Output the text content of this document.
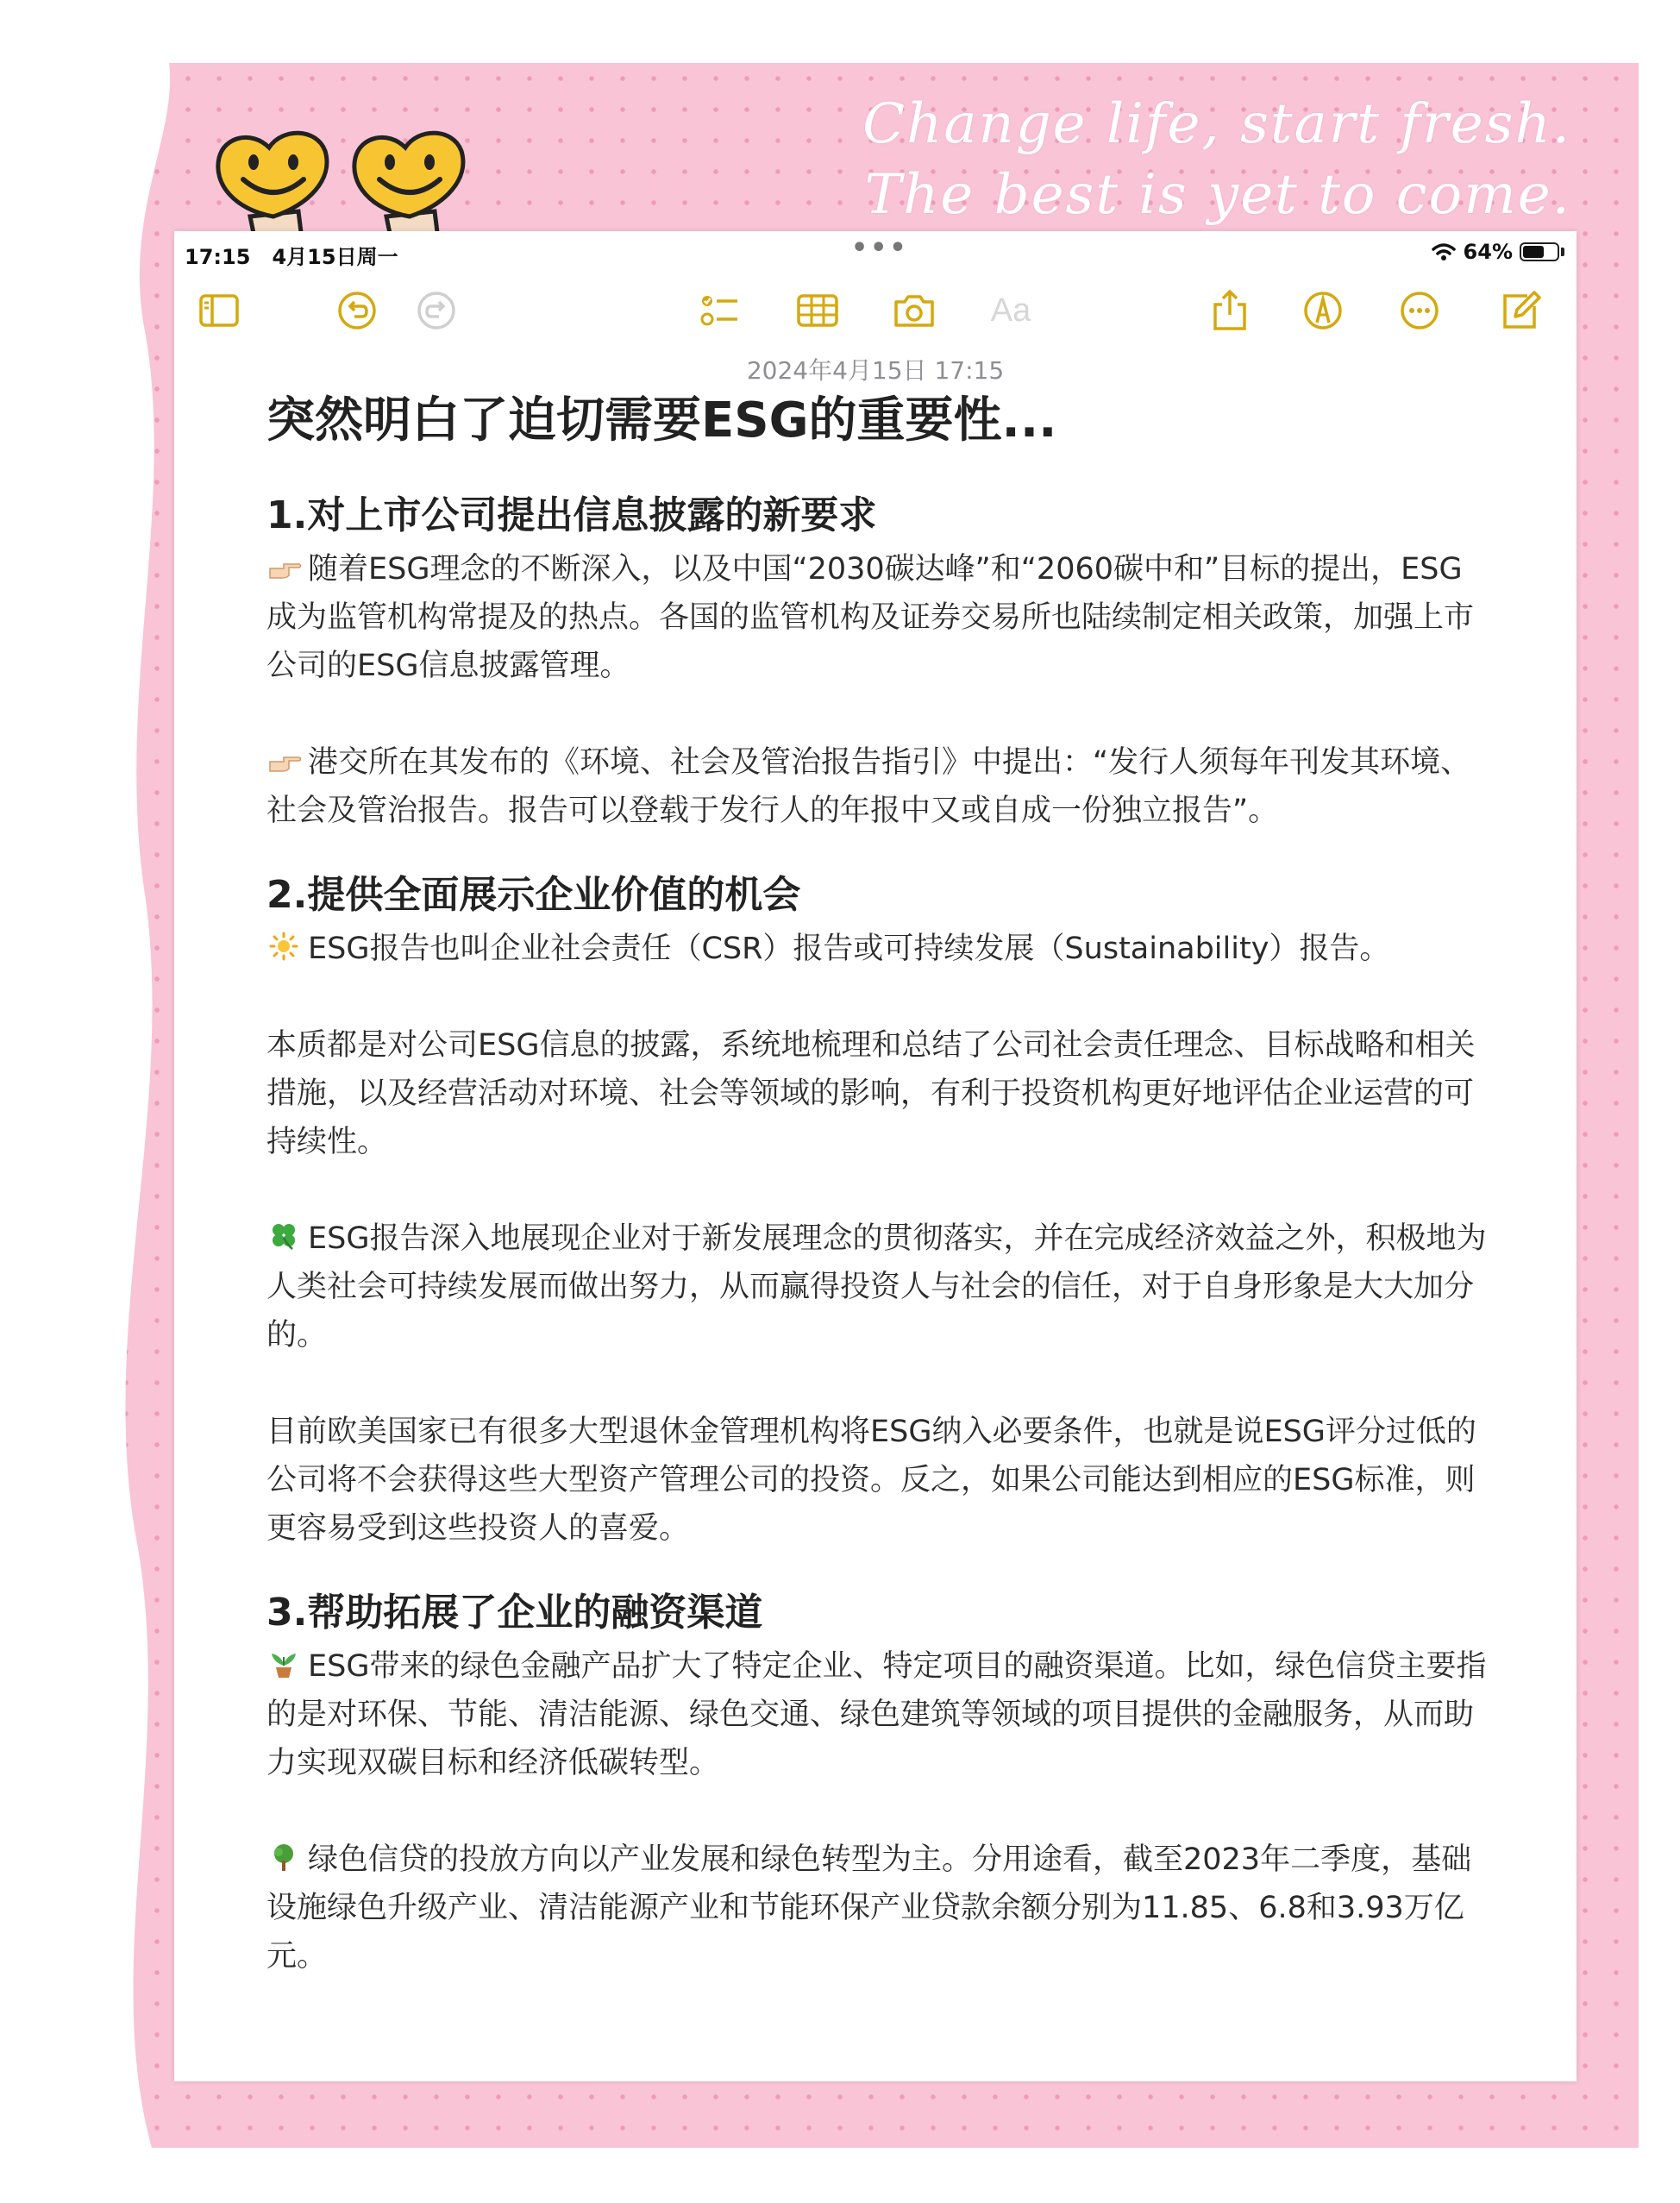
Change life, start fresh.
The best is yet to come.
17:15 4月15日周一	•••	64%
Aa
2024年4月15日 17:15
突然明白了迫切需要ESG的重要性...
1.对上市公司提出信息披露的新要求

随着ESG理念的不断深入，以及中国“2030碳达峰”和“2060碳中和”目标的提出，ESG成为监管机构常提及的热点。各国的监管机构及证券交易所也陆续制定相关政策，加强上市公司的ESG信息披露管理。

港交所在其发布的《环境、社会及管治报告指引》中提出：“发行人须每年刊发其环境、社会及管治报告。报告可以登载于发行人的年报中又或自成一份独立报告”。

2.提供全面展示企业价值的机会

ESG报告也叫企业社会责任（CSR）报告或可持续发展（Sustainability）报告。

本质都是对公司ESG信息的披露，系统地梳理和总结了公司社会责任理念、目标战略和相关措施，以及经营活动对环境、社会等领域的影响，有利于投资机构更好地评估企业运营的可持续性。

ESG报告深入地展现企业对于新发展理念的贯彻落实，并在完成经济效益之外，积极地为人类社会可持续发展而做出努力，从而赢得投资人与社会的信任，对于自身形象是大大加分的。

目前欧美国家已有很多大型退休金管理机构将ESG纳入必要条件，也就是说ESG评分过低的公司将不会获得这些大型资产管理公司的投资。反之，如果公司能达到相应的ESG标准，则更容易受到这些投资人的喜爱。

3.帮助拓展了企业的融资渠道

ESG带来的绿色金融产品扩大了特定企业、特定项目的融资渠道。比如，绿色信贷主要指的是对环保、节能、清洁能源、绿色交通、绿色建筑等领域的项目提供的金融服务，从而助力实现双碳目标和经济低碳转型。

绿色信贷的投放方向以产业发展和绿色转型为主。分用途看，截至2023年二季度，基础设施绿色升级产业、清洁能源产业和节能环保产业贷款余额分别为11.85、6.8和3.93万亿元。
